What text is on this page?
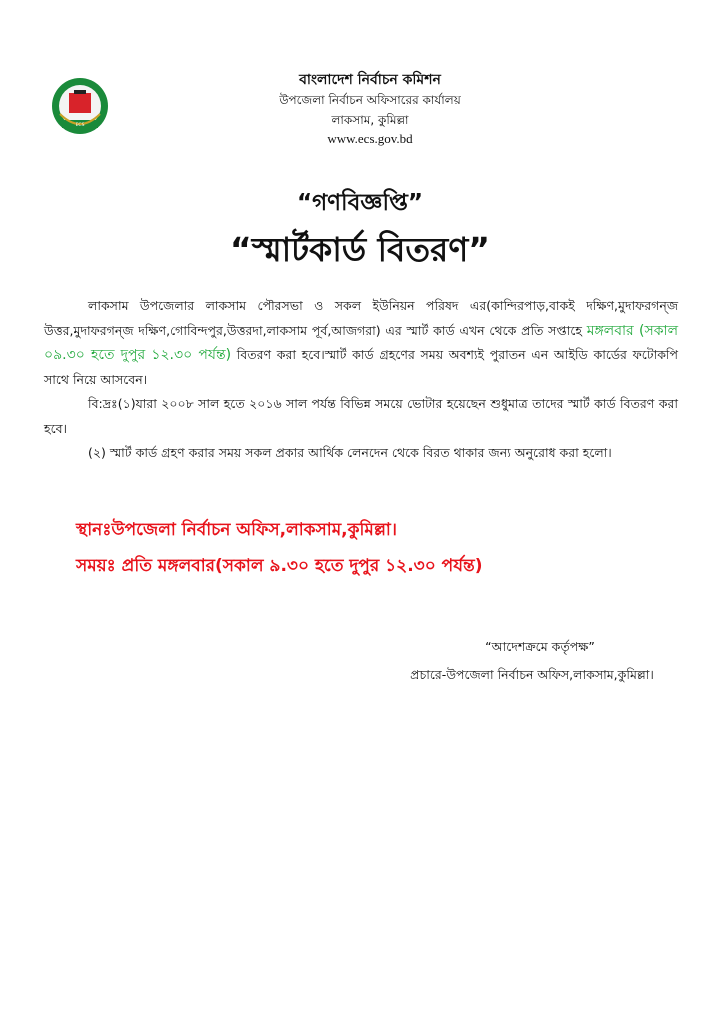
ECS
বাংলাদেশ নির্বাচন কমিশন
উপজেলা নির্বাচন অফিসারের কার্যালয়
লাকসাম, কুমিল্লা
www.ecs.gov.bd
“গণবিজ্ঞপ্তি”
“স্মার্টকার্ড বিতরণ”

লাকসাম উপজেলার লাকসাম পৌরসভা ও সকল ইউনিয়ন পরিষদ এর(কান্দিরপাড়,বাকই দক্ষিণ,মুদাফরগন্জ উত্তর,মুদাফরগন্জ দক্ষিণ,গোবিন্দপুর,উত্তরদা,লাকসাম পূর্ব,আজগরা) এর স্মার্ট কার্ড এখন থেকে প্রতি সপ্তাহে মঙ্গলবার (সকাল ০৯.৩০ হতে দুপুর ১২.৩০ পর্যন্ত) বিতরণ করা হবে।স্মার্ট কার্ড গ্রহণের সময় অবশ্যই পুরাতন এন আইডি কার্ডের ফটোকপি সাথে নিয়ে আসবেন।

বি:দ্রঃ(১)যারা ২০০৮ সাল হতে ২০১৬ সাল পর্যন্ত বিভিন্ন সময়ে ভোটার হয়েছেন শুধুমাত্র তাদের স্মার্ট কার্ড বিতরণ করা হবে।

(২) স্মার্ট কার্ড গ্রহণ করার সময় সকল প্রকার আর্থিক লেনদেন থেকে বিরত থাকার জন্য অনুরোধ করা হলো।

স্থানঃউপজেলা নির্বাচন অফিস,লাকসাম,কুমিল্লা।
সময়ঃ প্রতি মঙ্গলবার(সকাল ৯.৩০ হতে দুপুর ১২.৩০ পর্যন্ত)
“আদেশক্রমে কর্তৃপক্ষ”
প্রচারে-উপজেলা নির্বাচন অফিস,লাকসাম,কুমিল্লা।
